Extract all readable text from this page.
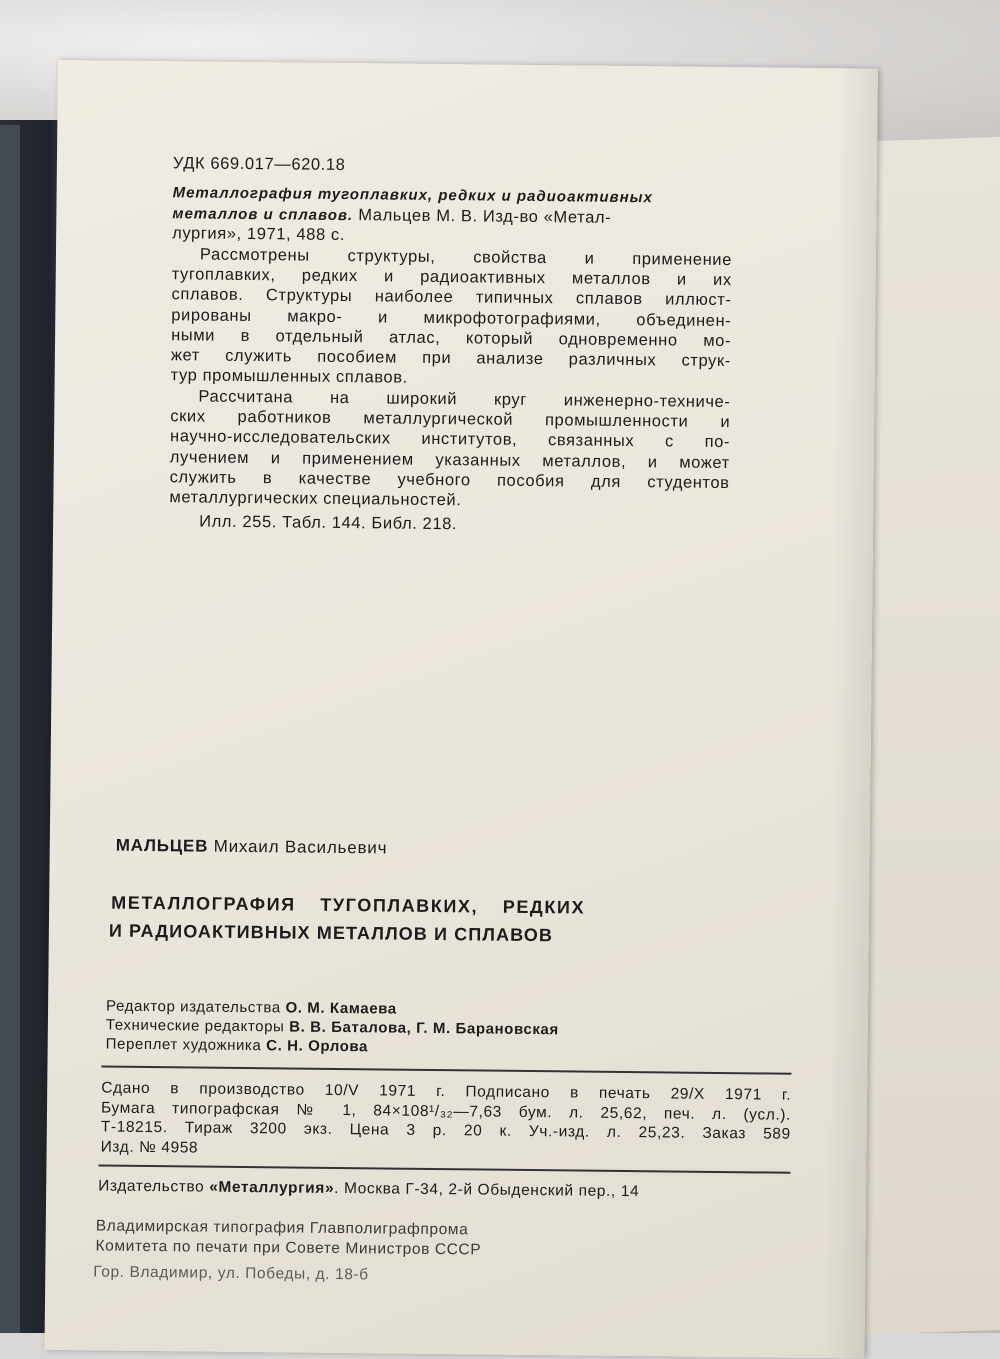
УДК 669.017—620.18
Металлография тугоплавких, редких и радиоактивных
металлов и сплавов. Мальцев М. В. Изд-во «Метал-
лургия», 1971, 488 с.
Рассмотрены структуры, свойства и применение
тугоплавких, редких и радиоактивных металлов и их
сплавов. Структуры наиболее типичных сплавов иллюст-
рированы макро- и микрофотографиями, объединен-
ными в отдельный атлас, который одновременно мо-
жет служить пособием при анализе различных струк-
тур промышленных сплавов.
Рассчитана на широкий круг инженерно-техниче-
ских работников металлургической промышленности и
научно-исследовательских институтов, связанных с по-
лучением и применением указанных металлов, и может
служить в качестве учебного пособия для студентов
металлургических специальностей.
Илл. 255. Табл. 144. Библ. 218.
МАЛЬЦЕВ Михаил Васильевич
МЕТАЛЛОГРАФИЯ ТУГОПЛАВКИХ, РЕДКИХ
И РАДИОАКТИВНЫХ МЕТАЛЛОВ И СПЛАВОВ
Редактор издательства О. М. Камаева
Технические редакторы В. В. Баталова, Г. М. Барановская
Переплет художника С. Н. Орлова
Сдано в производство 10/V 1971 г. Подписано в печать 29/X 1971 г.
Бумага типографская № 1, 84×108¹/₃₂—7,63 бум. л. 25,62, печ. л. (усл.).
Т-18215. Тираж 3200 экз. Цена 3 р. 20 к. Уч.-изд. л. 25,23. Заказ 589
Изд. № 4958
Издательство «Металлургия». Москва Г-34, 2-й Обыденский пер., 14
Владимирская типография Главполиграфпрома
Комитета по печати при Совете Министров СССР
Гор. Владимир, ул. Победы, д. 18-б
